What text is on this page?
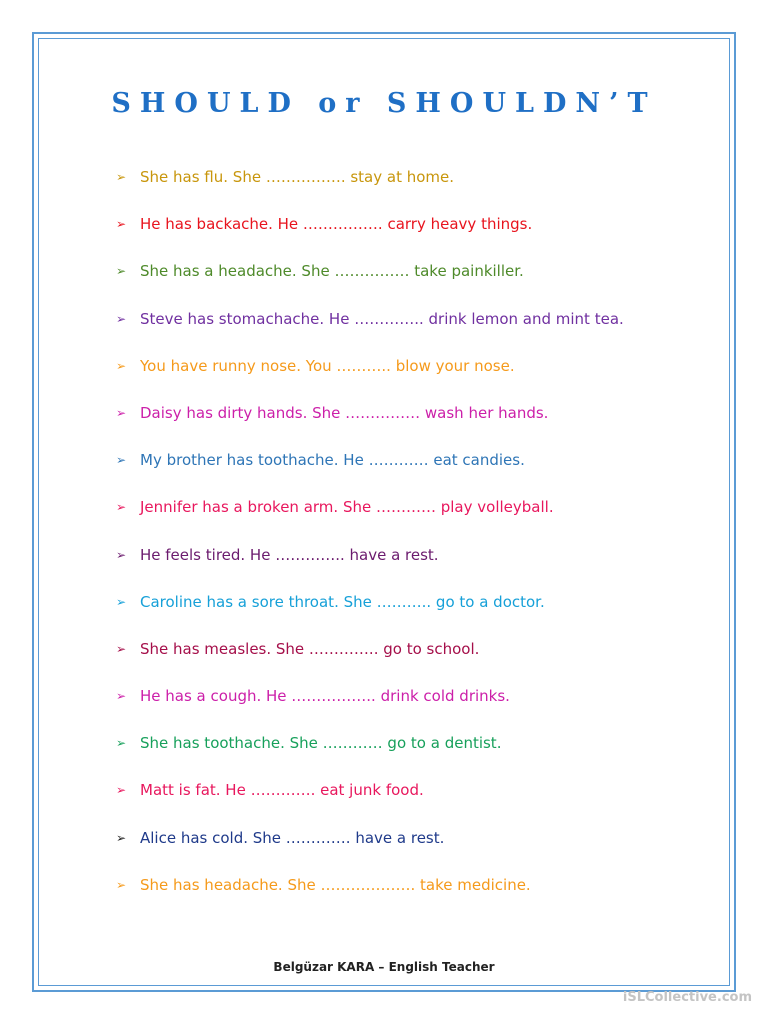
SHOULD or SHOULDN’T
➢ She has flu. She ……………. stay at home.
➢ He has backache. He ……………. carry heavy things.
➢ She has a headache. She …………… take painkiller.
➢ Steve has stomachache. He ………….. drink lemon and mint tea.
➢ You have runny nose. You ……….. blow your nose.
➢ Daisy has dirty hands. She …………… wash her hands.
➢ My brother has toothache. He ………… eat candies.
➢ Jennifer has a broken arm. She ………… play volleyball.
➢ He feels tired. He ………….. have a rest.
➢ Caroline has a sore throat. She ……….. go to a doctor.
➢ She has measles. She ………….. go to school.
➢ He has a cough. He …………….. drink cold drinks.
➢ She has toothache. She ………… go to a dentist.
➢ Matt is fat. He …………. eat junk food.
➢ Alice has cold. She …………. have a rest.
➢ She has headache. She ………………. take medicine.
Belgüzar KARA – English Teacher
iSLCollective.com
